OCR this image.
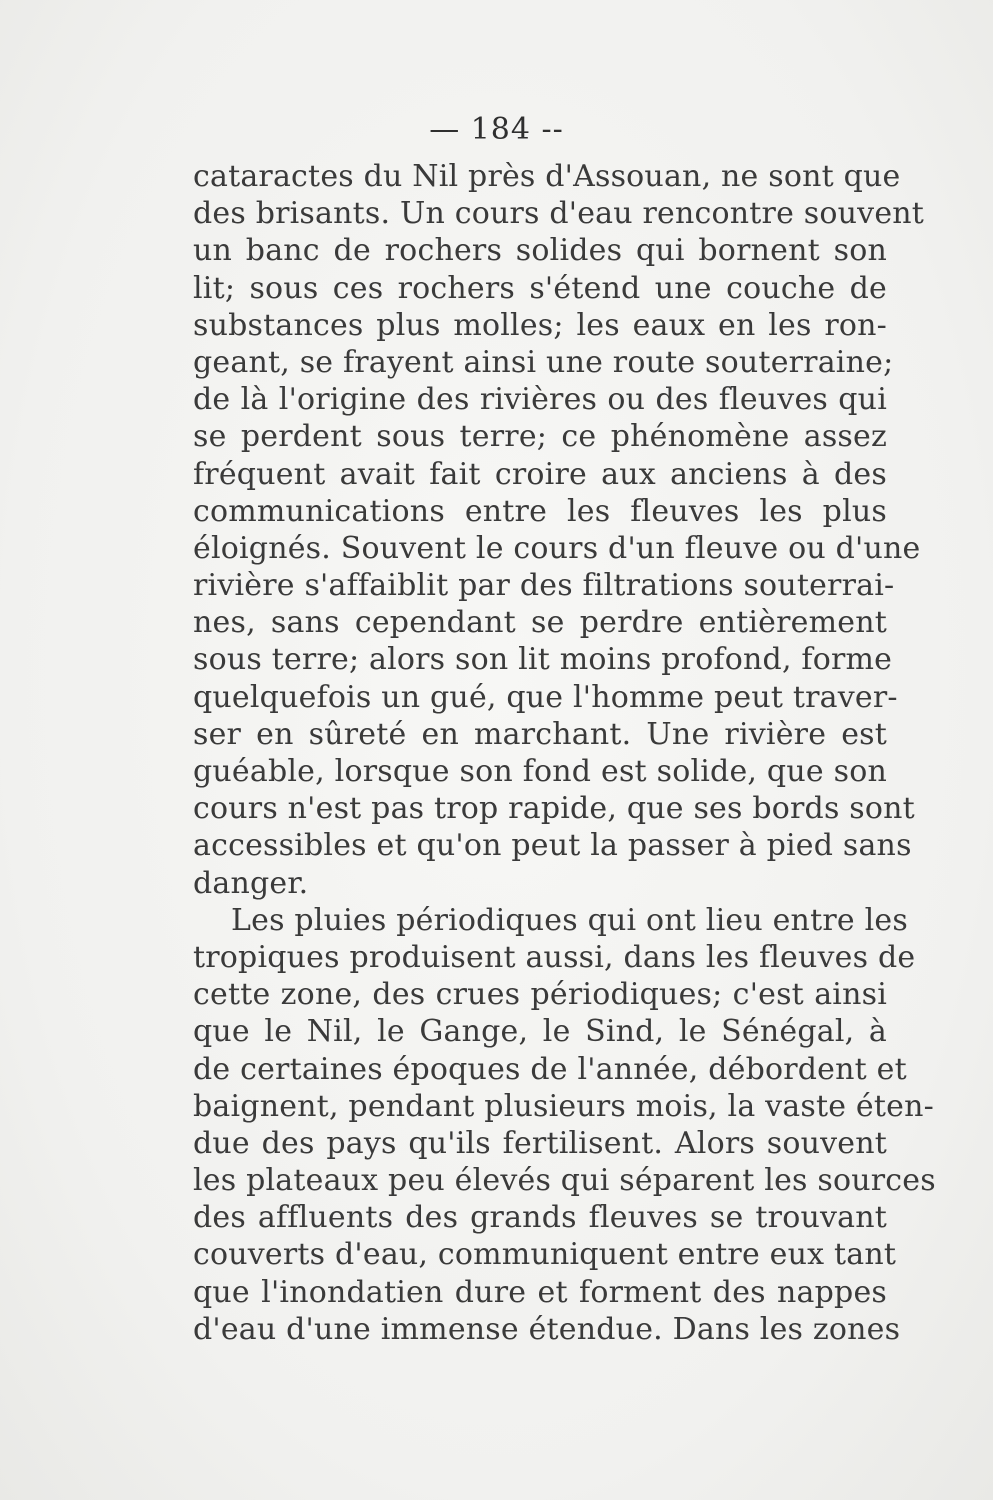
— 184 --
cataractes du Nil près d'Assouan, ne sont que
des brisants. Un cours d'eau rencontre souvent
un banc de rochers solides qui bornent son
lit; sous ces rochers s'étend une couche de
substances plus molles; les eaux en les ron-
geant, se frayent ainsi une route souterraine;
de là l'origine des rivières ou des fleuves qui
se perdent sous terre; ce phénomène assez
fréquent avait fait croire aux anciens à des
communications entre les fleuves les plus
éloignés. Souvent le cours d'un fleuve ou d'une
rivière s'affaiblit par des filtrations souterrai-
nes, sans cependant se perdre entièrement
sous terre; alors son lit moins profond, forme
quelquefois un gué, que l'homme peut traver-
ser en sûreté en marchant. Une rivière est
guéable, lorsque son fond est solide, que son
cours n'est pas trop rapide, que ses bords sont
accessibles et qu'on peut la passer à pied sans
danger.
Les pluies périodiques qui ont lieu entre les
tropiques produisent aussi, dans les fleuves de
cette zone, des crues périodiques; c'est ainsi
que le Nil, le Gange, le Sind, le Sénégal, à
de certaines époques de l'année, débordent et
baignent, pendant plusieurs mois, la vaste éten-
due des pays qu'ils fertilisent. Alors souvent
les plateaux peu élevés qui séparent les sources
des affluents des grands fleuves se trouvant
couverts d'eau, communiquent entre eux tant
que l'inondatien dure et forment des nappes
d'eau d'une immense étendue. Dans les zones
